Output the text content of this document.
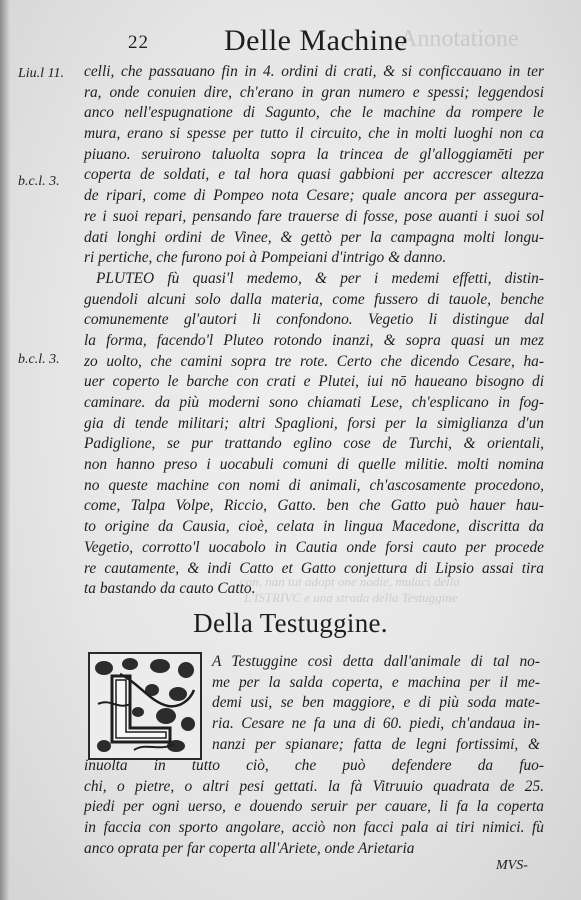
Annotatione
con, nan tut adopt one nodie, mulaci della
L'ISTRIVC e una strada della Testuggine
22	Delle Machine
Liu.l 11.
b.c.l. 3.
b.c.l. 3.
celli, che passauano fin in 4. ordini di crati, & si conficcauano in ter
ra, onde conuien dire, ch'erano in gran numero e spessi; leggendosi
anco nell'espugnatione di Sagunto, che le machine da rompere le
mura, erano si spesse per tutto il circuito, che in molti luoghi non ca
piuano. seruirono taluolta sopra la trincea de gl'alloggiamēti per
coperta de soldati, e tal hora quasi gabbioni per accrescer altezza
de ripari, come di Pompeo nota Cesare; quale ancora per assegura-
re i suoi repari, pensando fare trauerse di fosse, pose auanti i suoi sol
dati longhi ordini de Vinee, & gettò per la campagna molti longu-
ri pertiche, che furono poi à Pompeiani d'intrigo & danno.
PLUTEO fù quasi'l medemo, & per i medemi effetti, distin-
guendoli alcuni solo dalla materia, come fussero di tauole, benche
comunemente gl'autori li confondono. Vegetio li distingue dal
la forma, facendo'l Pluteo rotondo inanzi, & sopra quasi un mez
zo uolto, che camini sopra tre rote. Certo che dicendo Cesare, ha-
uer coperto le barche con crati e Plutei, iui nō haueano bisogno di
caminare. da più moderni sono chiamati Lese, ch'esplicano in fog-
gia di tende militari; altri Spaglioni, forsi per la simiglianza d'un
Padiglione, se pur trattando eglino cose de Turchi, & orientali,
non hanno preso i uocabuli comuni di quelle militie. molti nomina
no queste machine con nomi di animali, ch'ascosamente procedono,
come, Talpa Volpe, Riccio, Gatto. ben che Gatto può hauer hau-
to origine da Causia, cioè, celata in lingua Macedone, discritta da
Vegetio, corrotto'l uocabolo in Cautia onde forsi cauto per procede
re cautamente, & indi Catto et Gatto conjettura di Lipsio assai tira
ta bastando da cauto Catto.
Della Testuggine.
A Testuggine così detta dall'animale di tal no-
me per la salda coperta, e machina per il me-
demi usi, se ben maggiore, e di più soda mate-
ria. Cesare ne fa una di 60. piedi, ch'andaua in-
nanzi per spianare; fatta de legni fortissimi, &
inuolta in tutto ciò, che può defendere da fuo-
chi, o pietre, o altri pesi gettati. la fà Vitruuio quadrata de 25.
piedi per ogni uerso, e douendo seruir per cauare, li fa la coperta
in faccia con sporto angolare, acciò non facci pala ai tiri nimici. fù
anco oprata per far coperta all'Ariete, onde Arietaria
MVS-
